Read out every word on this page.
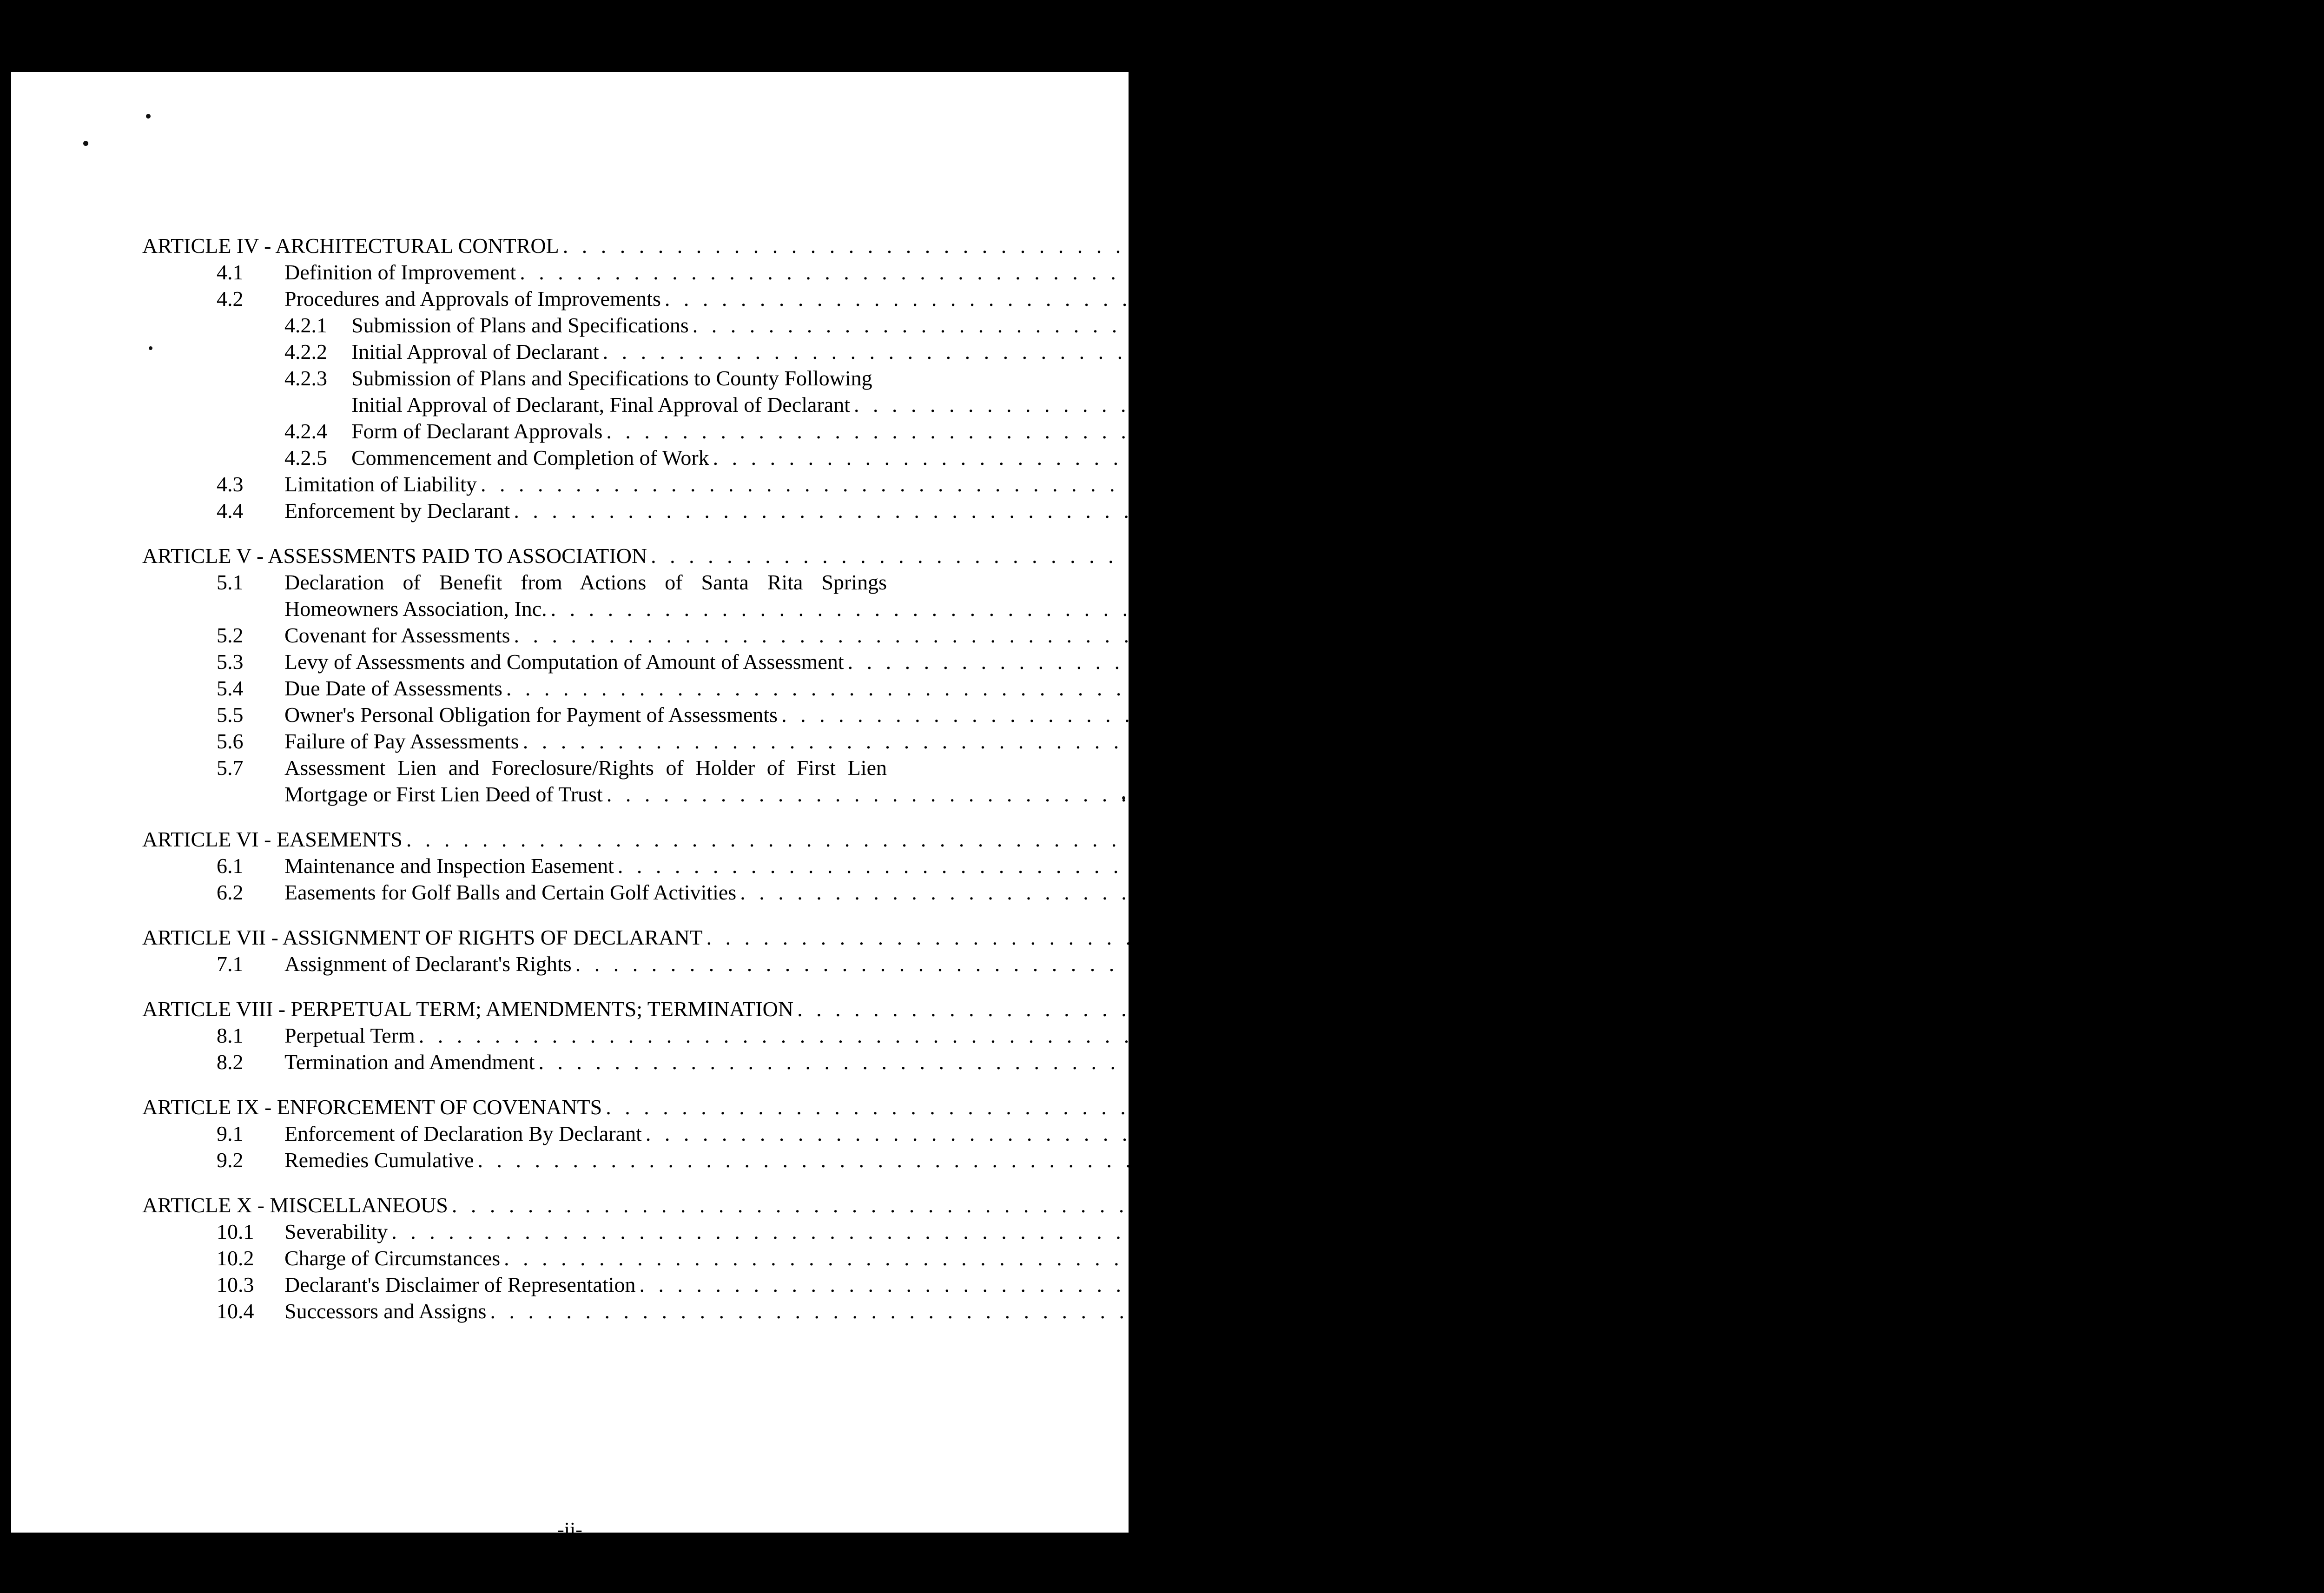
ARTICLE IV - ARCHITECTURAL CONTROL
. . .
4.1 Definition of Improvement
. . .
4.2 Procedures and Approvals of Improvements
. . .
4.2.1 Submission of Plans and Specifications
. . .
4.2.2 Initial Approval of Declarant
. . .
4.2.3 Submission of Plans and Specifications to County Following
Initial Approval of Declarant, Final Approval of Declarant
. . .
4.2.4 Form of Declarant Approvals
. . .
4.2.5 Commencement and Completion of Work
. . .
4.3 Limitation of Liability
. . .
4.4 Enforcement by Declarant
. . .
ARTICLE V - ASSESSMENTS PAID TO ASSOCIATION
. . .
5.1 Declaration of Benefit from Actions of Santa Rita Springs
Homeowners Association, Inc.
. . .
5.2 Covenant for Assessments
. . .
5.3 Levy of Assessments and Computation of Amount of Assessment
. . .
5.4 Due Date of Assessments
. . .
5.5 Owner's Personal Obligation for Payment of Assessments
. . .
5.6 Failure of Pay Assessments
. . .
5.7 Assessment Lien and Foreclosure/Rights of Holder of First Lien
Mortgage or First Lien Deed of Trust
. . .
ARTICLE VI - EASEMENTS
. . .
6.1 Maintenance and Inspection Easement
. . .
6.2 Easements for Golf Balls and Certain Golf Activities
. . .
ARTICLE VII - ASSIGNMENT OF RIGHTS OF DECLARANT
. . .
7.1 Assignment of Declarant's Rights
. . .
ARTICLE VIII - PERPETUAL TERM; AMENDMENTS; TERMINATION
. . .
8.1 Perpetual Term
. . .
8.2 Termination and Amendment
. . .
ARTICLE IX - ENFORCEMENT OF COVENANTS
. . .
9.1 Enforcement of Declaration By Declarant
. . .
9.2 Remedies Cumulative
. . .
ARTICLE X - MISCELLANEOUS
. . .
10.1 Severability
. . .
10.2 Charge of Circumstances
. . .
10.3 Declarant's Disclaimer of Representation
. . .
10.4 Successors and Assigns
. . .
-ii-
10943 969
